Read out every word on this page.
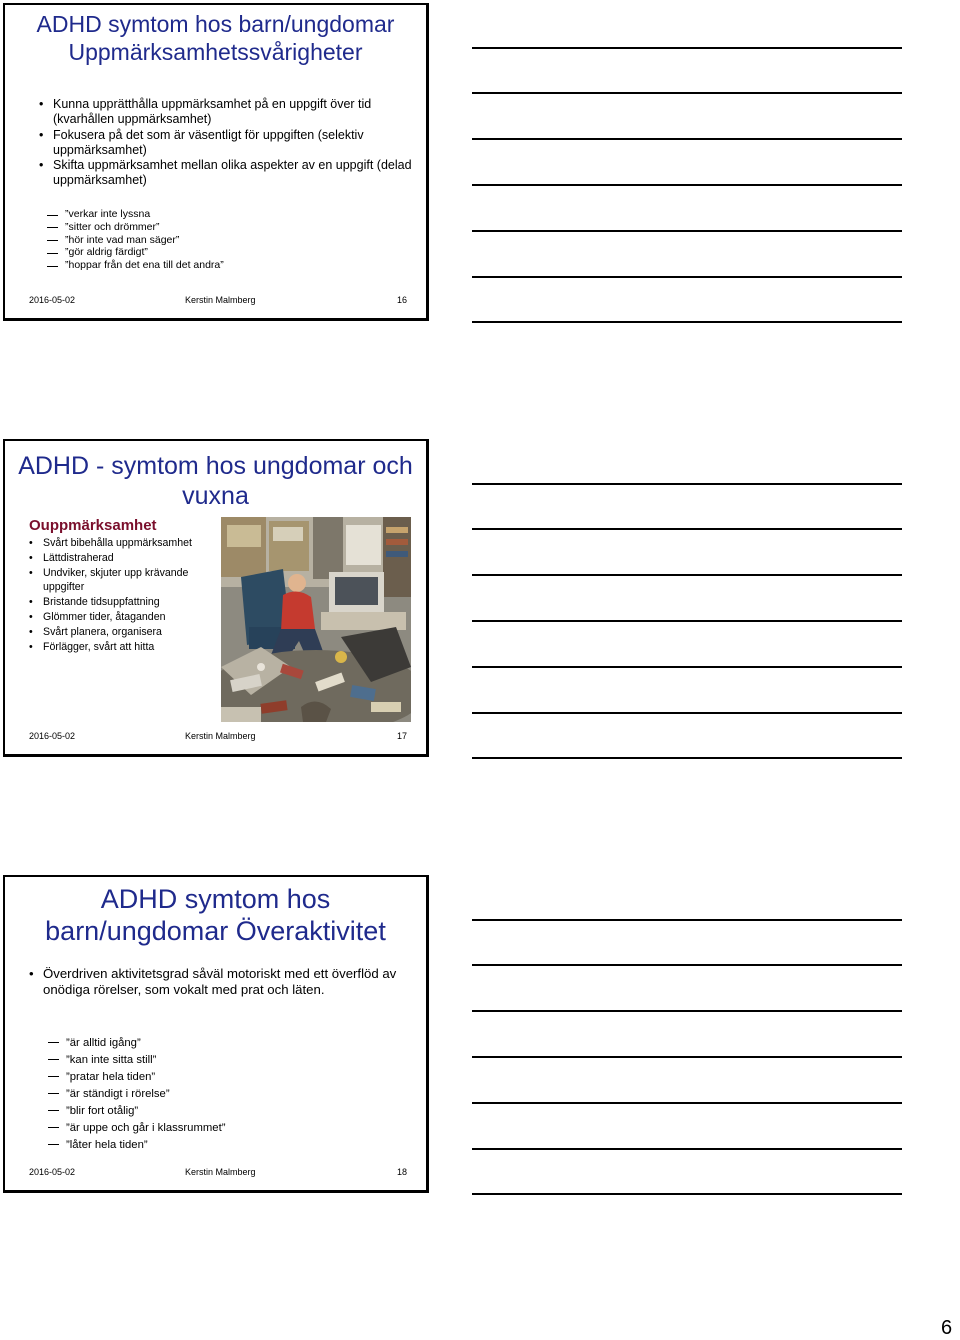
ADHD symtom hos barn/ungdomar Uppmärksamhetssvårigheter
• Kunna upprätthålla uppmärksamhet på en uppgift över tid (kvarhållen uppmärksamhet)
• Fokusera på det som är väsentligt för uppgiften (selektiv uppmärksamhet)
• Skifta uppmärksamhet mellan olika aspekter av en uppgift (delad uppmärksamhet)
”verkar inte lyssna
”sitter och drömmer”
”hör inte vad man säger”
”gör aldrig färdigt”
”hoppar från det ena till det andra”
2016-05-02	Kerstin Malmberg	16
ADHD - symtom hos ungdomar och vuxna
Ouppmärksamhet
• Svårt bibehålla uppmärksamhet
• Lättdistraherad
• Undviker, skjuter upp krävande uppgifter
• Bristande tidsuppfattning
• Glömmer tider, åtaganden
• Svårt planera, organisera
• Förlägger, svårt att hitta
2016-05-02	Kerstin Malmberg	17
ADHD symtom hos barn/ungdomar Överaktivitet
• Överdriven aktivitetsgrad såväl motoriskt med ett överflöd av onödiga rörelser, som vokalt med prat och läten.
”är alltid igång”
”kan inte sitta still”
”pratar hela tiden”
”är ständigt i rörelse”
”blir fort otålig”
”är uppe och går i klassrummet”
”låter hela tiden”
2016-05-02	Kerstin Malmberg	18
6
